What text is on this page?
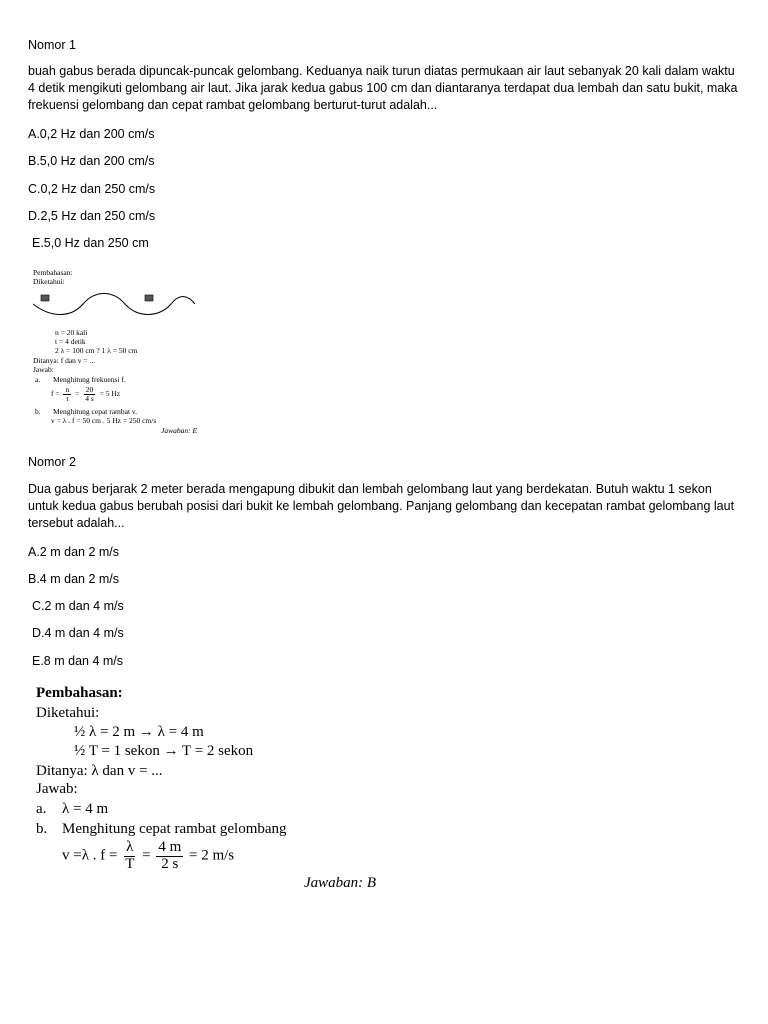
Nomor 1
buah gabus berada dipuncak-puncak gelombang. Keduanya naik turun diatas permukaan air laut sebanyak 20 kali dalam waktu 4 detik mengikuti gelombang air laut. Jika jarak kedua gabus 100 cm dan diantaranya terdapat dua lembah dan satu bukit, maka frekuensi gelombang dan cepat rambat gelombang berturut-turut adalah...
A.0,2 Hz dan 200 cm/s
B.5,0 Hz dan 200 cm/s
C.0,2 Hz dan 250 cm/s
D.2,5 Hz dan 250 cm/s
E.5,0 Hz dan 250 cm
Pembahasan:
Diketahui:
n = 20 kali
t = 4 detik
2 λ = 100 cm ? 1 λ = 50 cm
Ditanya: f dan v = ...
Jawab:
a. Menghitung frekuensi f.
$f = \frac{n}{t} = \frac{20}{4 s} = 5$ Hz
b. Menghitung cepat rambat v.
v = λ . f = 50 cm . 5 Hz = 250 cm/s
Jawaban: E
Nomor 2
Dua gabus berjarak 2 meter berada mengapung dibukit dan lembah gelombang laut yang berdekatan. Butuh waktu 1 sekon untuk kedua gabus berubah posisi dari bukit ke lembah gelombang. Panjang gelombang dan kecepatan rambat gelombang laut tersebut adalah...
A.2 m dan 2 m/s
B.4 m dan 2 m/s
C.2 m dan 4 m/s
D.4 m dan 4 m/s
E.8 m dan 4 m/s
Pembahasan:
Diketahui:
½ λ = 2 m → λ = 4 m
½ T = 1 sekon → T = 2 sekon
Ditanya: λ dan v = ...
Jawab:
a. λ = 4 m
b. Menghitung cepat rambat gelombang
v =λ . $f = \frac{\lambda}{T} = \frac{4 m}{2 s} = 2$ m/s
Jawaban: B
